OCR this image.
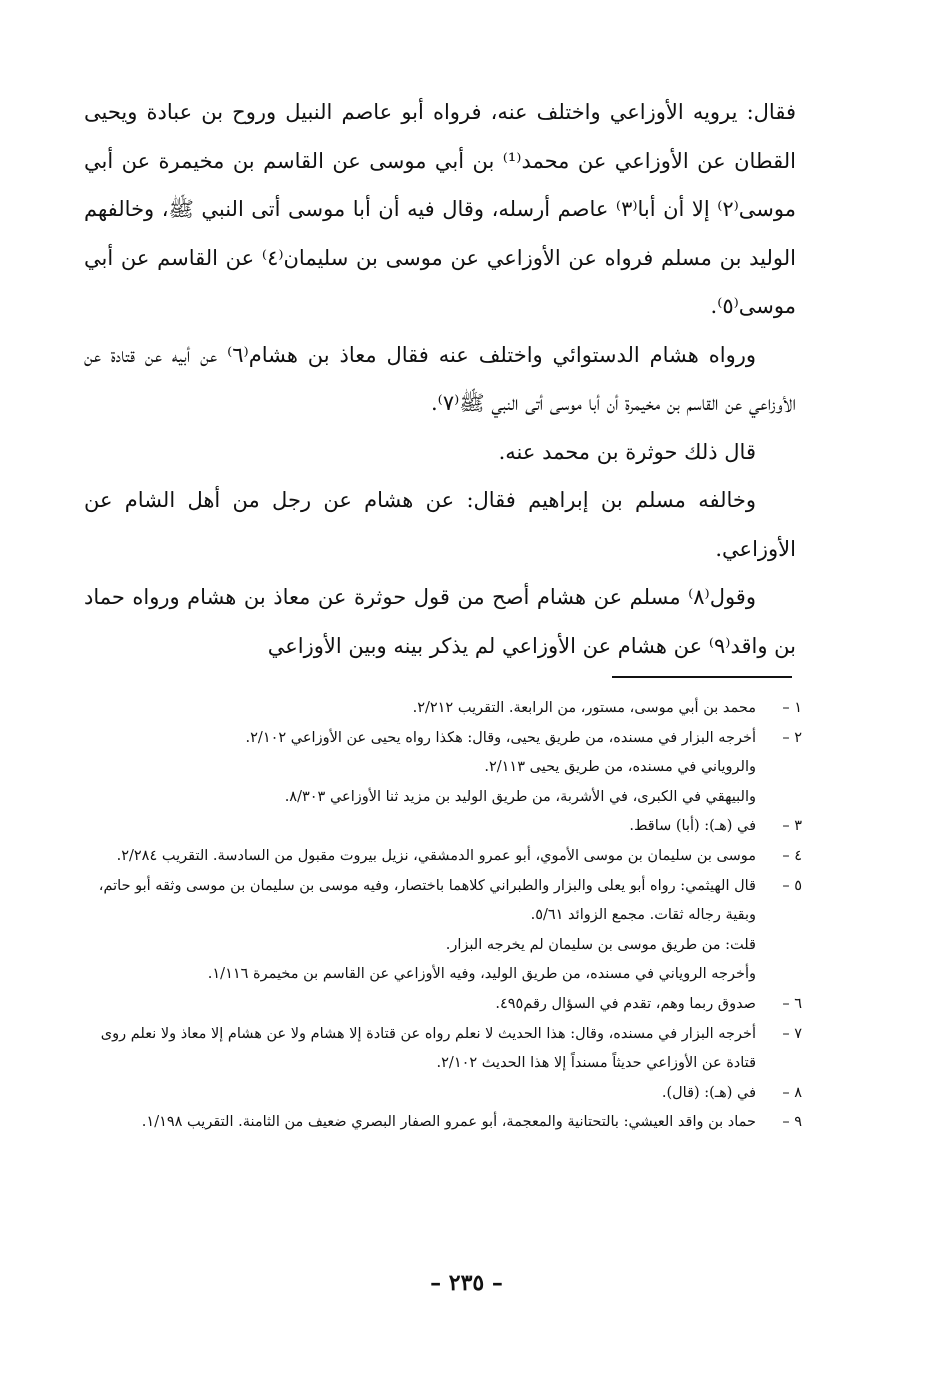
فقال: يرويه الأوزاعي واختلف عنه، فرواه أبو عاصم النبيل وروح بن عبادة ويحيى القطان عن الأوزاعي عن محمد⁽¹⁾ بن أبي موسى عن القاسم بن مخيمرة عن أبي موسى⁽٢⁾ إلا أن أبا⁽٣⁾ عاصم أرسله، وقال فيه أن أبا موسى أتى النبي ﷺ، وخالفهم الوليد بن مسلم فرواه عن الأوزاعي عن موسى بن سليمان⁽٤⁾ عن القاسم عن أبي موسى⁽٥⁾.

ورواه هشام الدستوائي واختلف عنه فقال معاذ بن هشام⁽٦⁾ عن أبيه عن قتادة عن الأوزاعي عن القاسم بن مخيمرة أن أبا موسى أتى النبي ﷺ⁽٧⁾.

قال ذلك حوثرة بن محمد عنه.

وخالفه مسلم بن إبراهيم فقال: عن هشام عن رجل من أهل الشام عن الأوزاعي.

وقول⁽٨⁾ مسلم عن هشام أصح من قول حوثرة عن معاذ بن هشام ورواه حماد بن واقد⁽٩⁾ عن هشام عن الأوزاعي لم يذكر بينه وبين الأوزاعي

١ –
محمد بن أبي موسى، مستور، من الرابعة. التقريب ٢/٢١٢.
٢ –
أخرجه البزار في مسنده، من طريق يحيى، وقال: هكذا رواه يحيى عن الأوزاعي ٢/١٠٢.
والروياني في مسنده، من طريق يحيى ٢/١١٣.
والبيهقي في الكبرى، في الأشربة، من طريق الوليد بن مزيد ثنا الأوزاعي ٨/٣٠٣.
٣ –
في (هـ): (أبا) ساقط.
٤ –
موسى بن سليمان بن موسى الأموي، أبو عمرو الدمشقي، نزيل بيروت مقبول من السادسة. التقريب ٢/٢٨٤.
٥ –
قال الهيثمي: رواه أبو يعلى والبزار والطبراني كلاهما باختصار، وفيه موسى بن سليمان بن موسى وثقه أبو حاتم، وبقية رجاله ثقات. مجمع الزوائد ٥/٦١.
قلت: من طريق موسى بن سليمان لم يخرجه البزار.
وأخرجه الروياني في مسنده، من طريق الوليد، وفيه الأوزاعي عن القاسم بن مخيمرة ١/١١٦.
٦ –
صدوق ربما وهم، تقدم في السؤال رقم٤٩٥.
٧ –
أخرجه البزار في مسنده، وقال: هذا الحديث لا نعلم رواه عن قتادة إلا هشام ولا عن هشام إلا معاذ ولا نعلم روى قتادة عن الأوزاعي حديثاً مسنداً إلا هذا الحديث ٢/١٠٢.
٨ –
في (هـ): (قال).
٩ –
حماد بن واقد العيشي: بالتحتانية والمعجمة، أبو عمرو الصفار البصري ضعيف من الثامنة. التقريب ١/١٩٨.
– ٢٣٥ –
